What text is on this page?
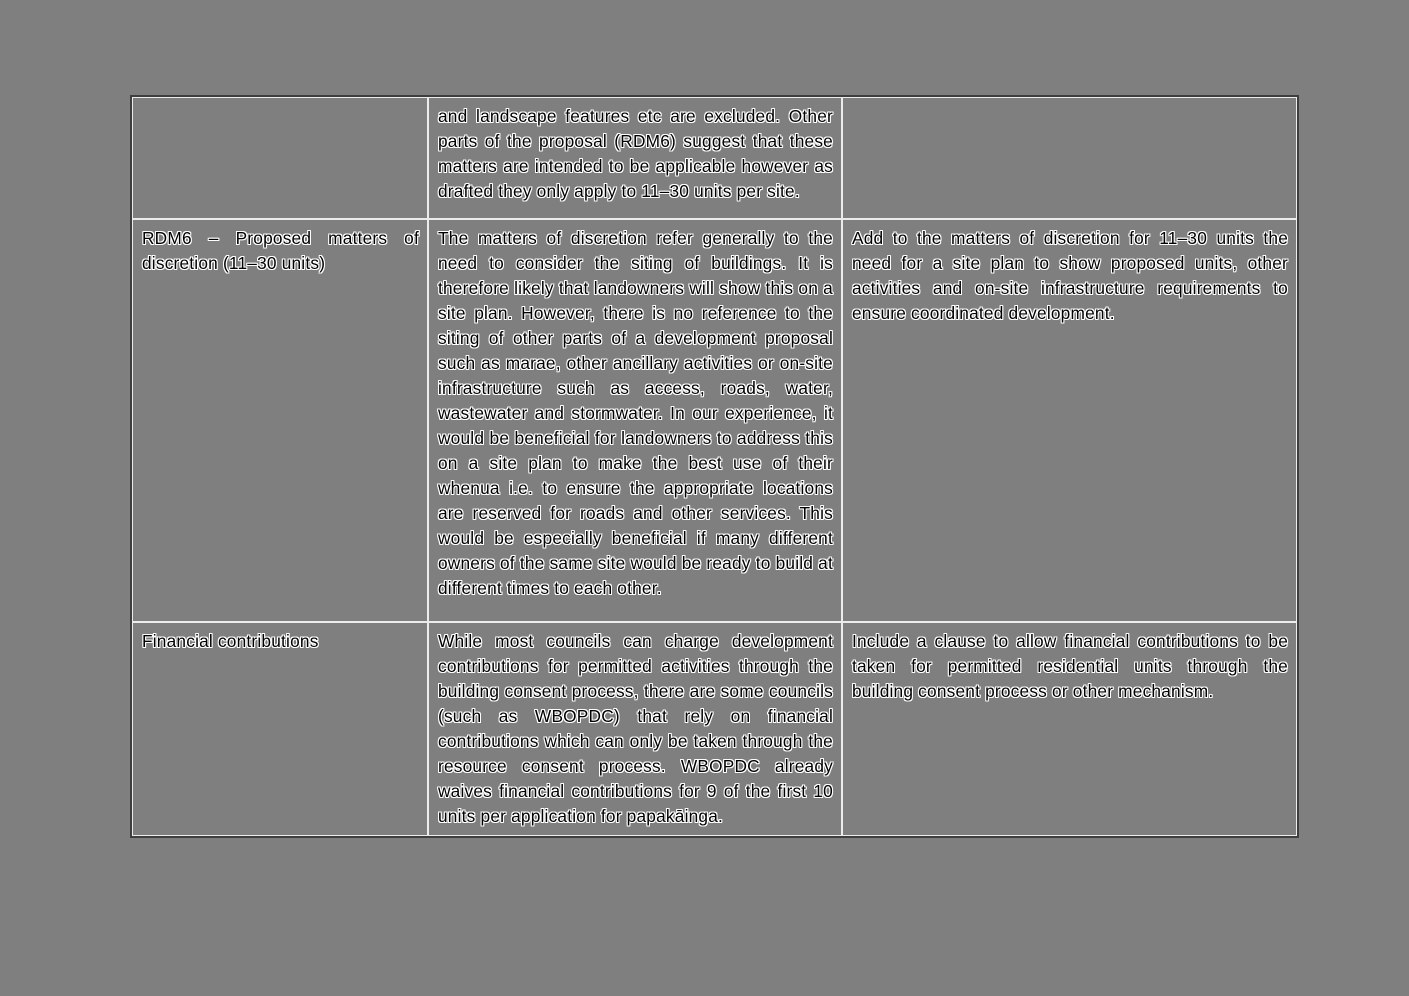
	and landscape features etc are excluded. Other parts of the proposal (RDM6) suggest that these matters are intended to be applicable however as drafted they only apply to 11–30 units per site.	

RDM6 – Proposed matters of discretion (11–30 units)	The matters of discretion refer generally to the need to consider the siting of buildings. It is therefore likely that landowners will show this on a site plan. However, there is no reference to the siting of other parts of a development proposal such as marae, other ancillary activities or on-site infrastructure such as access, roads, water, wastewater and stormwater. In our experience, it would be beneficial for landowners to address this on a site plan to make the best use of their whenua i.e. to ensure the appropriate locations are reserved for roads and other services. This would be especially beneficial if many different owners of the same site would be ready to build at different times to each other.	Add to the matters of discretion for 11–30 units the need for a site plan to show proposed units, other activities and on-site infrastructure requirements to ensure coordinated development.

Financial contributions	While most councils can charge development contributions for permitted activities through the building consent process, there are some councils (such as WBOPDC) that rely on financial contributions which can only be taken through the resource consent process. WBOPDC already waives financial contributions for 9 of the first 10 units per application for papakāinga.	Include a clause to allow financial contributions to be taken for permitted residential units through the building consent process or other mechanism.
